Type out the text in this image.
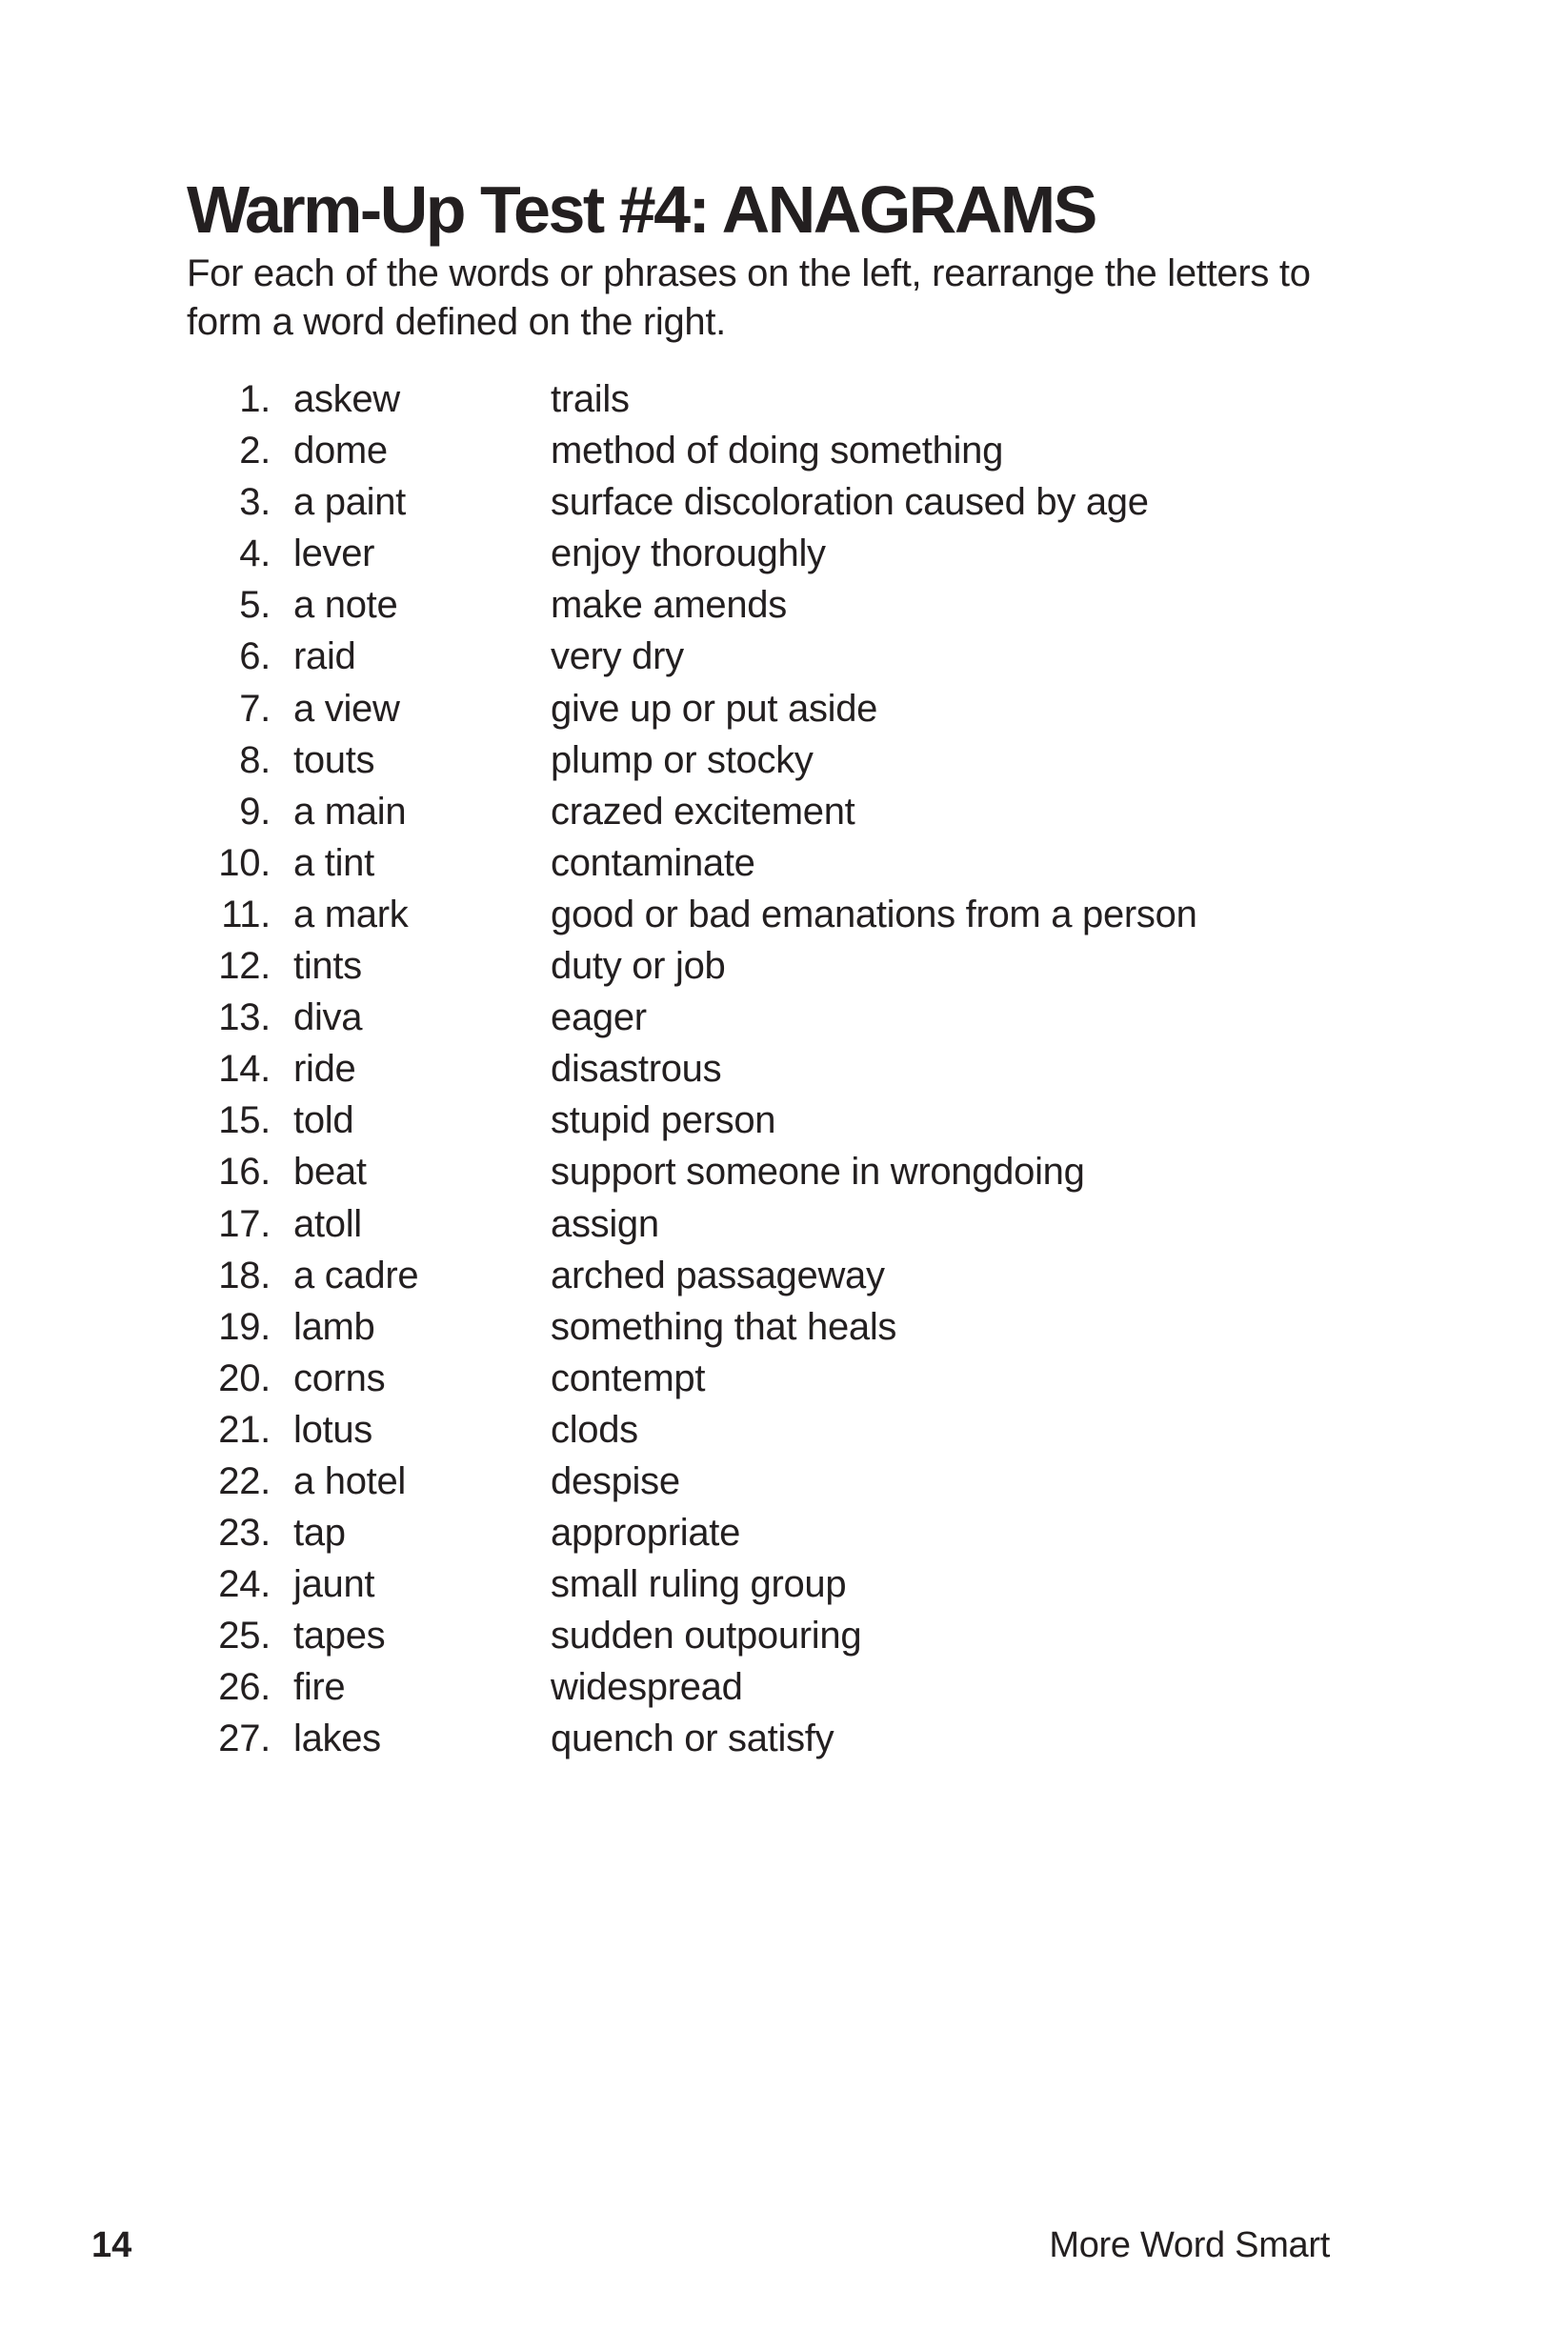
Warm-Up Test #4: ANAGRAMS

For each of the words or phrases on the left, rearrange the letters to form a word defined on the right.

1. askew	trails
2. dome	method of doing something
3. a paint	surface discoloration caused by age
4. lever	enjoy thoroughly
5. a note	make amends
6. raid	very dry
7. a view	give up or put aside
8. touts	plump or stocky
9. a main	crazed excitement
10. a tint	contaminate
11. a mark	good or bad emanations from a person
12. tints	duty or job
13. diva	eager
14. ride	disastrous
15. told	stupid person
16. beat	support someone in wrongdoing
17. atoll	assign
18. a cadre	arched passageway
19. lamb	something that heals
20. corns	contempt
21. lotus	clods
22. a hotel	despise
23. tap	appropriate
24. jaunt	small ruling group
25. tapes	sudden outpouring
26. fire	widespread
27. lakes	quench or satisfy
14	More Word Smart
